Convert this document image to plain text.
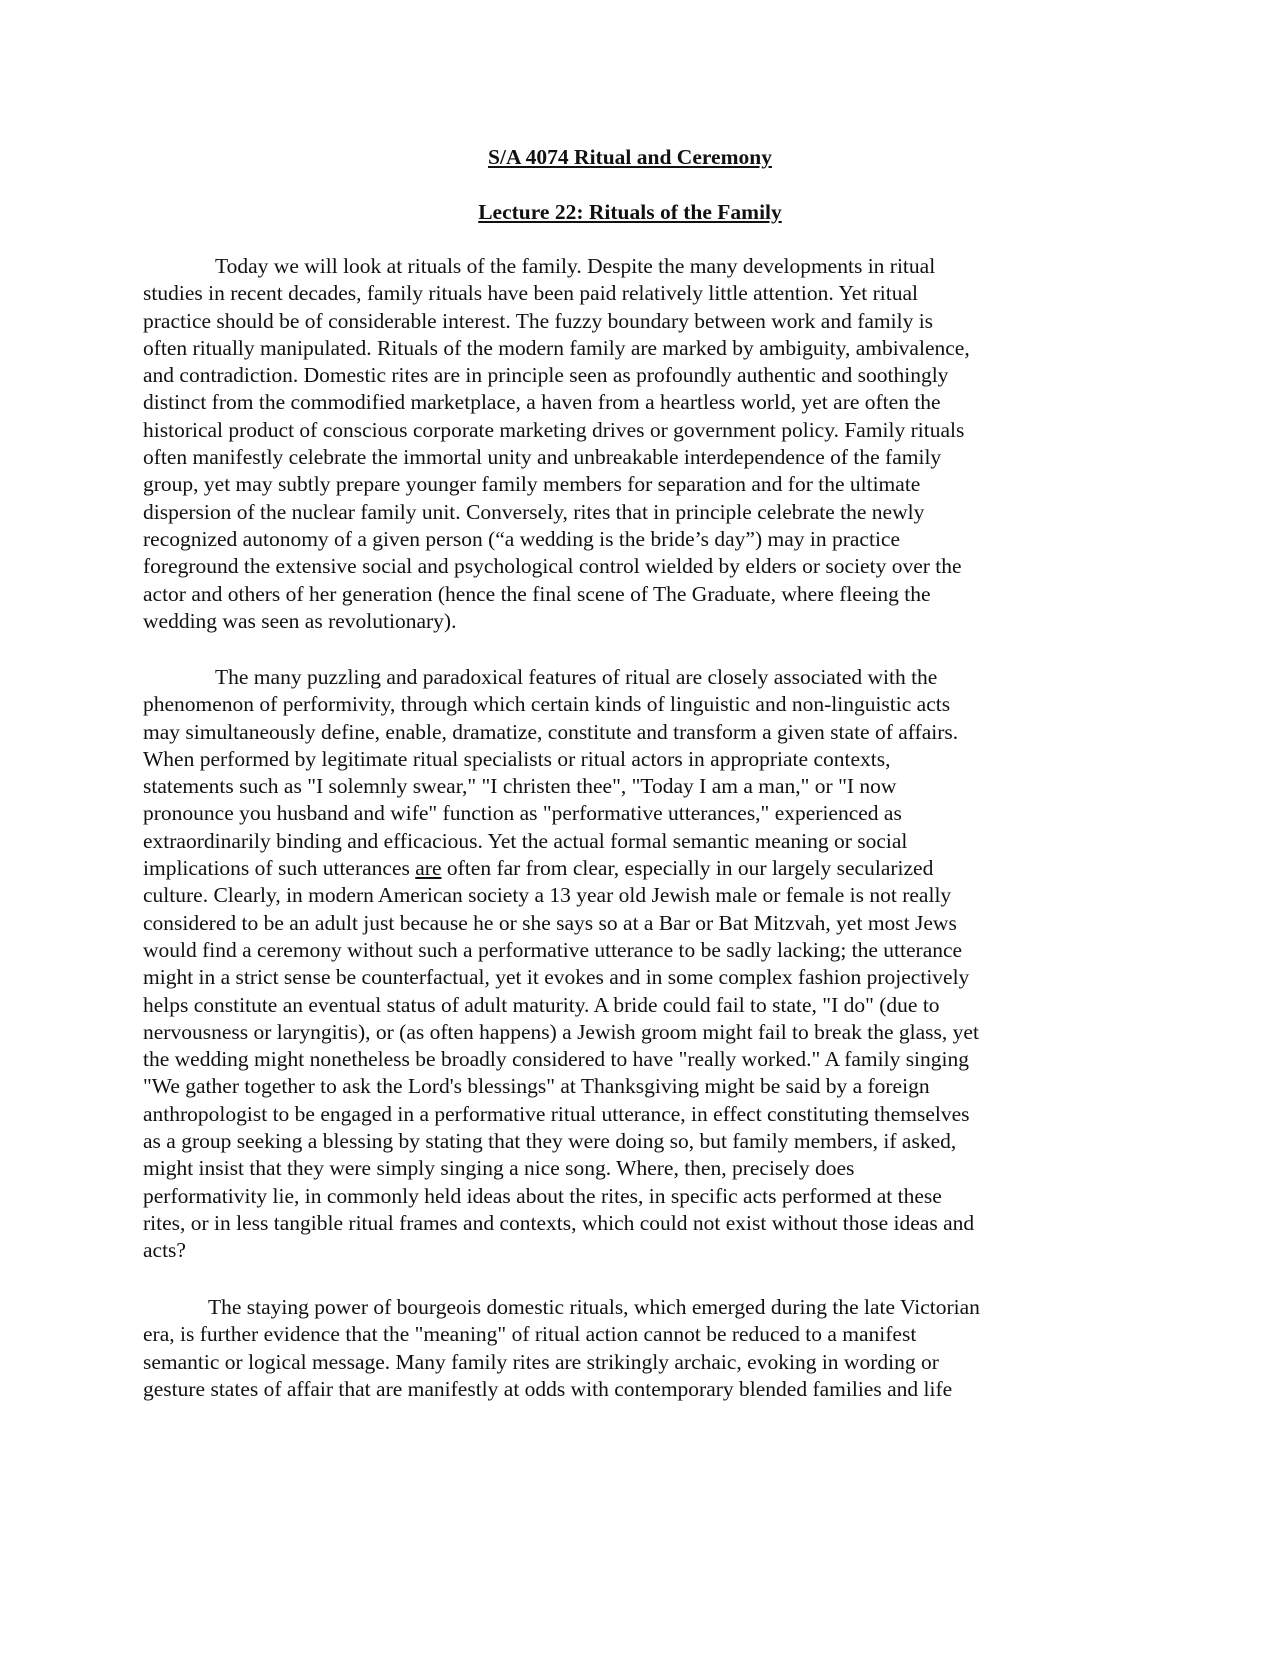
S/A 4074 Ritual and Ceremony
Lecture 22: Rituals of the Family
Today we will look at rituals of the family. Despite the many developments in ritual
studies in recent decades, family rituals have been paid relatively little attention. Yet ritual
practice should be of considerable interest. The fuzzy boundary between work and family is
often ritually manipulated. Rituals of the modern family are marked by ambiguity, ambivalence,
and contradiction. Domestic rites are in principle seen as profoundly authentic and soothingly
distinct from the commodified marketplace, a haven from a heartless world, yet are often the
historical product of conscious corporate marketing drives or government policy. Family rituals
often manifestly celebrate the immortal unity and unbreakable interdependence of the family
group, yet may subtly prepare younger family members for separation and for the ultimate
dispersion of the nuclear family unit. Conversely, rites that in principle celebrate the newly
recognized autonomy of a given person (“a wedding is the bride’s day”) may in practice
foreground the extensive social and psychological control wielded by elders or society over the
actor and others of her generation (hence the final scene of The Graduate, where fleeing the
wedding was seen as revolutionary).
The many puzzling and paradoxical features of ritual are closely associated with the
phenomenon of performivity, through which certain kinds of linguistic and non-linguistic acts
may simultaneously define, enable, dramatize, constitute and transform a given state of affairs.
When performed by legitimate ritual specialists or ritual actors in appropriate contexts,
statements such as "I solemnly swear," "I christen thee", "Today I am a man," or "I now
pronounce you husband and wife" function as "performative utterances," experienced as
extraordinarily binding and efficacious. Yet the actual formal semantic meaning or social
implications of such utterances are often far from clear, especially in our largely secularized
culture. Clearly, in modern American society a 13 year old Jewish male or female is not really
considered to be an adult just because he or she says so at a Bar or Bat Mitzvah, yet most Jews
would find a ceremony without such a performative utterance to be sadly lacking; the utterance
might in a strict sense be counterfactual, yet it evokes and in some complex fashion projectively
helps constitute an eventual status of adult maturity. A bride could fail to state, "I do" (due to
nervousness or laryngitis), or (as often happens) a Jewish groom might fail to break the glass, yet
the wedding might nonetheless be broadly considered to have "really worked." A family singing
"We gather together to ask the Lord's blessings" at Thanksgiving might be said by a foreign
anthropologist to be engaged in a performative ritual utterance, in effect constituting themselves
as a group seeking a blessing by stating that they were doing so, but family members, if asked,
might insist that they were simply singing a nice song. Where, then, precisely does
performativity lie, in commonly held ideas about the rites, in specific acts performed at these
rites, or in less tangible ritual frames and contexts, which could not exist without those ideas and
acts?
The staying power of bourgeois domestic rituals, which emerged during the late Victorian
era, is further evidence that the "meaning" of ritual action cannot be reduced to a manifest
semantic or logical message. Many family rites are strikingly archaic, evoking in wording or
gesture states of affair that are manifestly at odds with contemporary blended families and life
